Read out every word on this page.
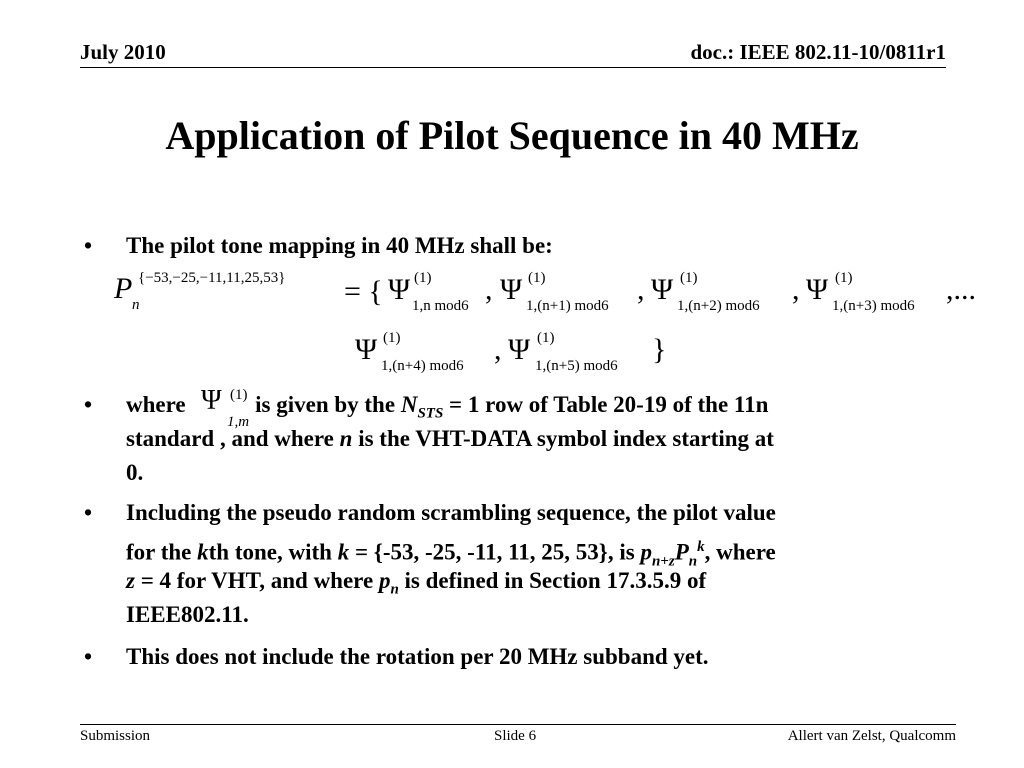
July 2010	doc.: IEEE 802.11-10/0811r1
Application of Pilot Sequence in 40 MHz
• The pilot tone mapping in 40 MHz shall be:
P {−53,−25,−11,11,25,53}
n	= { Ψ (1)
1,n mod6 , Ψ (1)
1,(n+1) mod6 , Ψ (1)
1,(n+2) mod6 , Ψ (1)
1,(n+3) mod6 ,...
Ψ (1)
1,(n+4) mod6 , Ψ (1)
1,(n+5) mod6 }
• where	is given by the $N_{STS} = 1$ row of Table 20-19 of the 11n
Ψ (1)
1,m
standard , and where n is the VHT-DATA symbol index starting at
0.
• Including the pseudo random scrambling sequence, the pilot value
for the kth tone, with k = {-53, -25, -11, 11, 25, 53}, is $p_{n+z}P_n^k$, where
z = 4 for VHT, and where $p_n$ is defined in Section 17.3.5.9 of
IEEE802.11.
• This does not include the rotation per 20 MHz subband yet.
Submission	Slide 6	Allert van Zelst, Qualcomm
